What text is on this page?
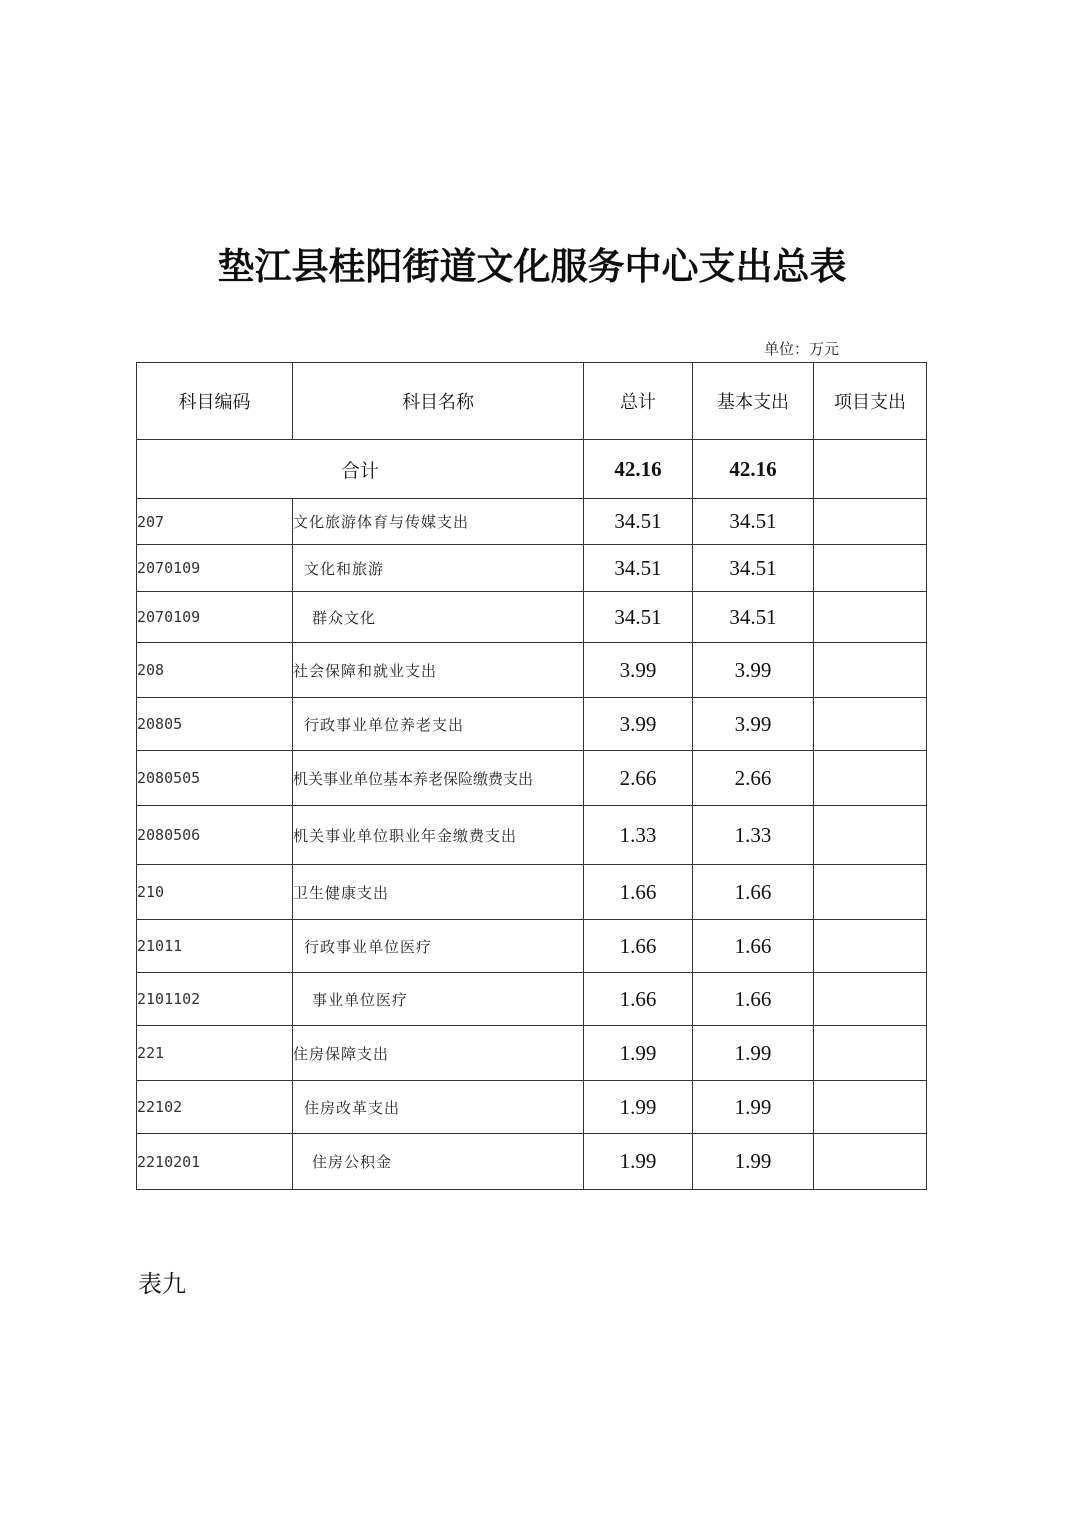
垫江县桂阳街道文化服务中心支出总表
单位：万元
科目编码	科目名称	总计	基本支出	项目支出
合计		42.16	42.16	
207	文化旅游体育与传媒支出	34.51	34.51	
2070109	文化和旅游	34.51	34.51	
2070109	群众文化	34.51	34.51	
208	社会保障和就业支出	3.99	3.99	
20805	行政事业单位养老支出	3.99	3.99	
2080505	机关事业单位基本养老保险缴费支出	2.66	2.66	
2080506	机关事业单位职业年金缴费支出	1.33	1.33	
210	卫生健康支出	1.66	1.66	
21011	行政事业单位医疗	1.66	1.66	
2101102	事业单位医疗	1.66	1.66	
221	住房保障支出	1.99	1.99	
22102	住房改革支出	1.99	1.99	
2210201	住房公积金	1.99	1.99	
表九
